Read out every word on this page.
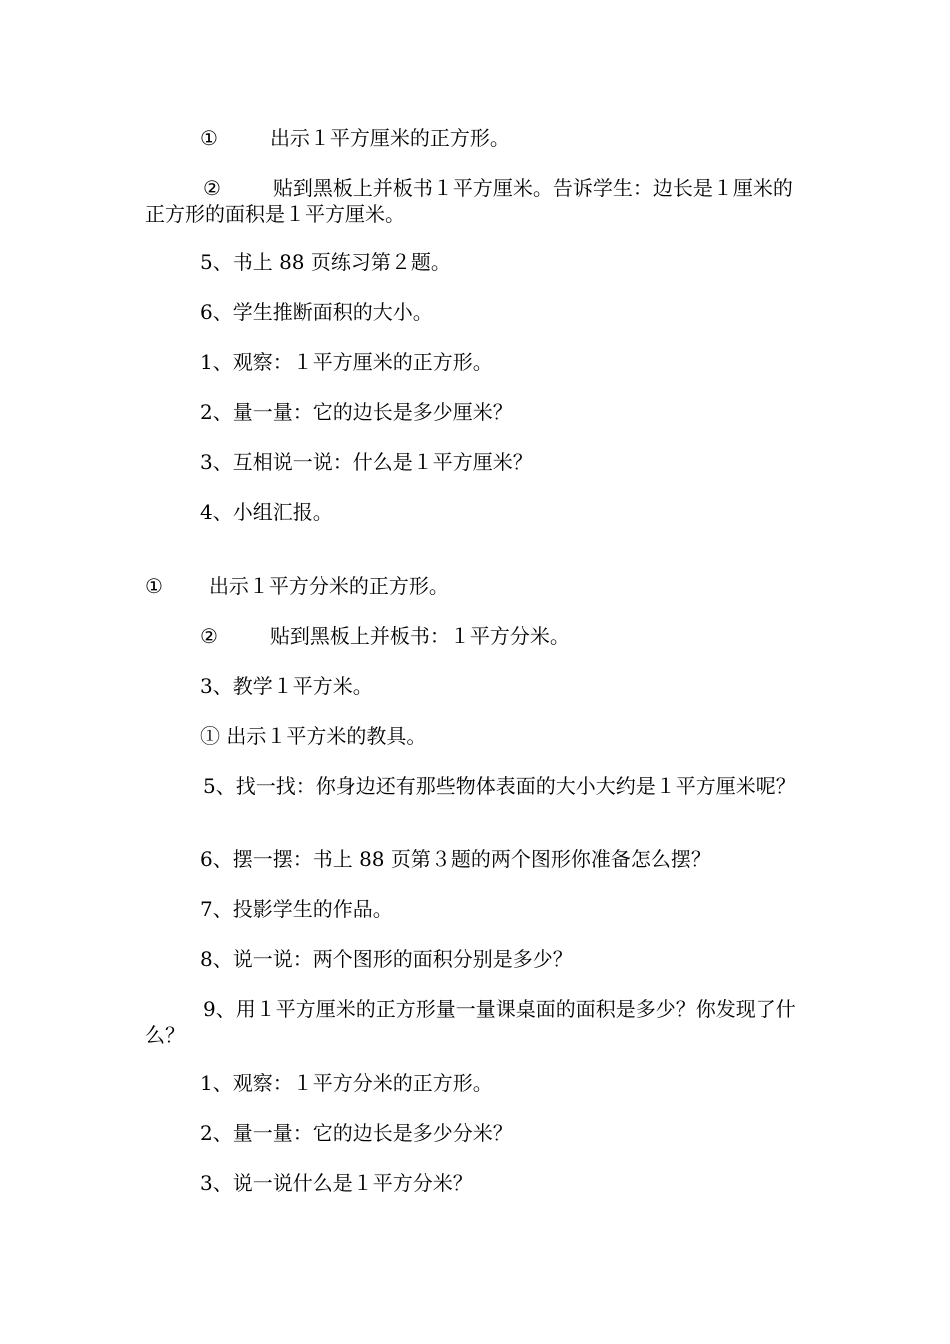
①	出示１平方厘米的正方形。
②	贴到黑板上并板书１平方厘米。告诉学生：边长是１厘米的正方形的面积是１平方厘米。
5、书上 88 页练习第２题。
6、学生推断面积的大小。
1、观察：１平方厘米的正方形。
2、量一量：它的边长是多少厘米？
3、互相说一说：什么是１平方厘米？
4、小组汇报。
① 出示１平方分米的正方形。
②	贴到黑板上并板书：１平方分米。
3、教学１平方米。
① 出示１平方米的教具。
5、找一找：你身边还有那些物体表面的大小大约是１平方厘米呢？
6、摆一摆：书上 88 页第３题的两个图形你准备怎么摆？
7、投影学生的作品。
8、说一说：两个图形的面积分别是多少？
9、用１平方厘米的正方形量一量课桌面的面积是多少？你发现了什么？
1、观察：１平方分米的正方形。
2、量一量：它的边长是多少分米？
3、说一说什么是１平方分米？
